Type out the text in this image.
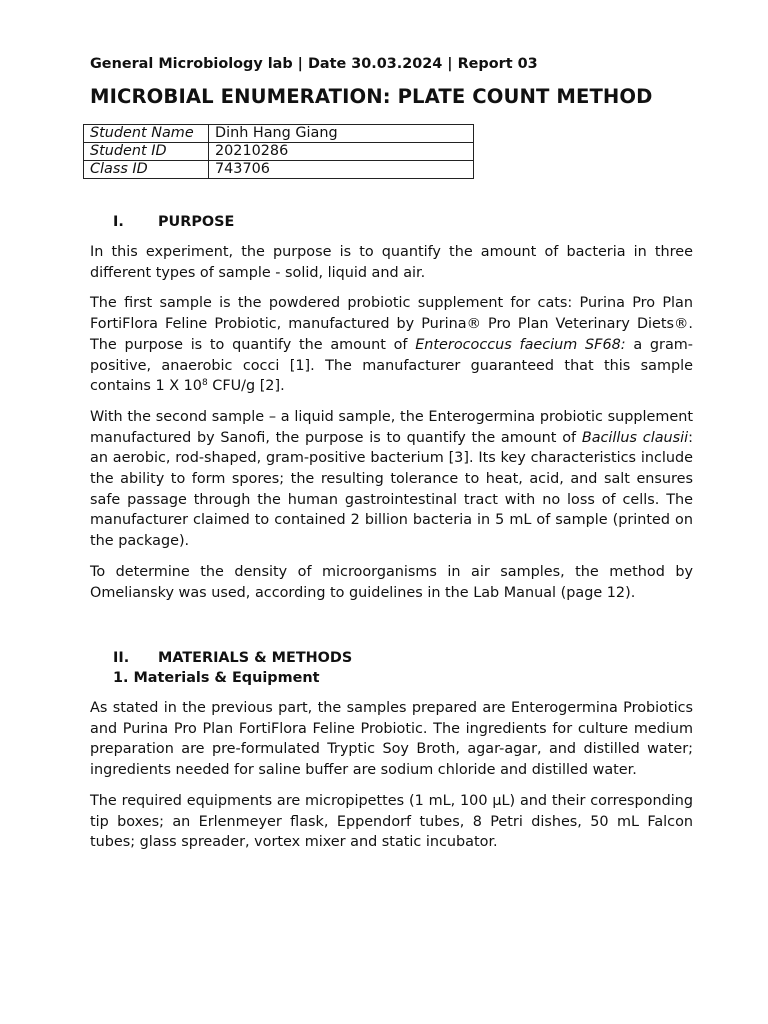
General Microbiology lab | Date 30.03.2024 | Report 03

MICROBIAL ENUMERATION: PLATE COUNT METHOD
Student Name	Dinh Hang Giang
Student ID	20210286
Class ID	743706

I. PURPOSE

In this experiment, the purpose is to quantify the amount of bacteria in three different types of sample - solid, liquid and air.

The first sample is the powdered probiotic supplement for cats: Purina Pro Plan FortiFlora Feline Probiotic, manufactured by Purina® Pro Plan Veterinary Diets®. The purpose is to quantify the amount of Enterococcus faecium SF68: a gram-positive, anaerobic cocci [1]. The manufacturer guaranteed that this sample contains 1 X $10^8$ CFU/g [2].

With the second sample – a liquid sample, the Enterogermina probiotic supplement manufactured by Sanofi, the purpose is to quantify the amount of Bacillus clausii: an aerobic, rod-shaped, gram-positive bacterium [3]. Its key characteristics include the ability to form spores; the resulting tolerance to heat, acid, and salt ensures safe passage through the human gastrointestinal tract with no loss of cells. The manufacturer claimed to contained 2 billion bacteria in 5 mL of sample (printed on the package).

To determine the density of microorganisms in air samples, the method by Omeliansky was used, according to guidelines in the Lab Manual (page 12).

II. MATERIALS & METHODS

1. Materials & Equipment

As stated in the previous part, the samples prepared are Enterogermina Probiotics and Purina Pro Plan FortiFlora Feline Probiotic. The ingredients for culture medium preparation are pre-formulated Tryptic Soy Broth, agar-agar, and distilled water; ingredients needed for saline buffer are sodium chloride and distilled water.

The required equipments are micropipettes (1 mL, 100 µL) and their corresponding tip boxes; an Erlenmeyer flask, Eppendorf tubes, 8 Petri dishes, 50 mL Falcon tubes; glass spreader, vortex mixer and static incubator.
